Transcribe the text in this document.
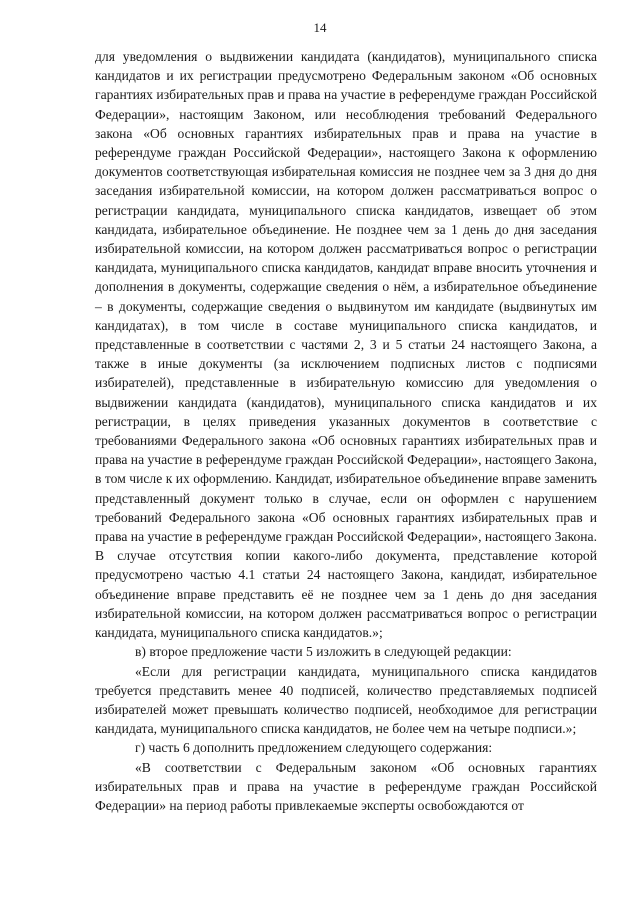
14

для уведомления о выдвижении кандидата (кандидатов), муниципального списка кандидатов и их регистрации предусмотрено Федеральным законом «Об основных гарантиях избирательных прав и права на участие в референдуме граждан Российской Федерации», настоящим Законом, или несоблюдения требований Федерального закона «Об основных гарантиях избирательных прав и права на участие в референдуме граждан Российской Федерации», настоящего Закона к оформлению документов соответствующая избирательная комиссия не позднее чем за 3 дня до дня заседания избирательной комиссии, на котором должен рассматриваться вопрос о регистрации кандидата, муниципального списка кандидатов, извещает об этом кандидата, избирательное объединение. Не позднее чем за 1 день до дня заседания избирательной комиссии, на котором должен рассматриваться вопрос о регистрации кандидата, муниципального списка кандидатов, кандидат вправе вносить уточнения и дополнения в документы, содержащие сведения о нём, а избирательное объединение – в документы, содержащие сведения о выдвинутом им кандидате (выдвинутых им кандидатах), в том числе в составе муниципального списка кандидатов, и представленные в соответствии с частями 2, 3 и 5 статьи 24 настоящего Закона, а также в иные документы (за исключением подписных листов с подписями избирателей), представленные в избирательную комиссию для уведомления о выдвижении кандидата (кандидатов), муниципального списка кандидатов и их регистрации, в целях приведения указанных документов в соответствие с требованиями Федерального закона «Об основных гарантиях избирательных прав и права на участие в референдуме граждан Российской Федерации», настоящего Закона, в том числе к их оформлению. Кандидат, избирательное объединение вправе заменить представленный документ только в случае, если он оформлен с нарушением требований Федерального закона «Об основных гарантиях избирательных прав и права на участие в референдуме граждан Российской Федерации», настоящего Закона. В случае отсутствия копии какого-либо документа, представление которой предусмотрено частью 4.1 статьи 24 настоящего Закона, кандидат, избирательное объединение вправе представить её не позднее чем за 1 день до дня заседания избирательной комиссии, на котором должен рассматриваться вопрос о регистрации кандидата, муниципального списка кандидатов.»;

в) второе предложение части 5 изложить в следующей редакции:

«Если для регистрации кандидата, муниципального списка кандидатов требуется представить менее 40 подписей, количество представляемых подписей избирателей может превышать количество подписей, необходимое для регистрации кандидата, муниципального списка кандидатов, не более чем на четыре подписи.»;

г) часть 6 дополнить предложением следующего содержания:

«В соответствии с Федеральным законом «Об основных гарантиях избирательных прав и права на участие в референдуме граждан Российской Федерации» на период работы привлекаемые эксперты освобождаются от
